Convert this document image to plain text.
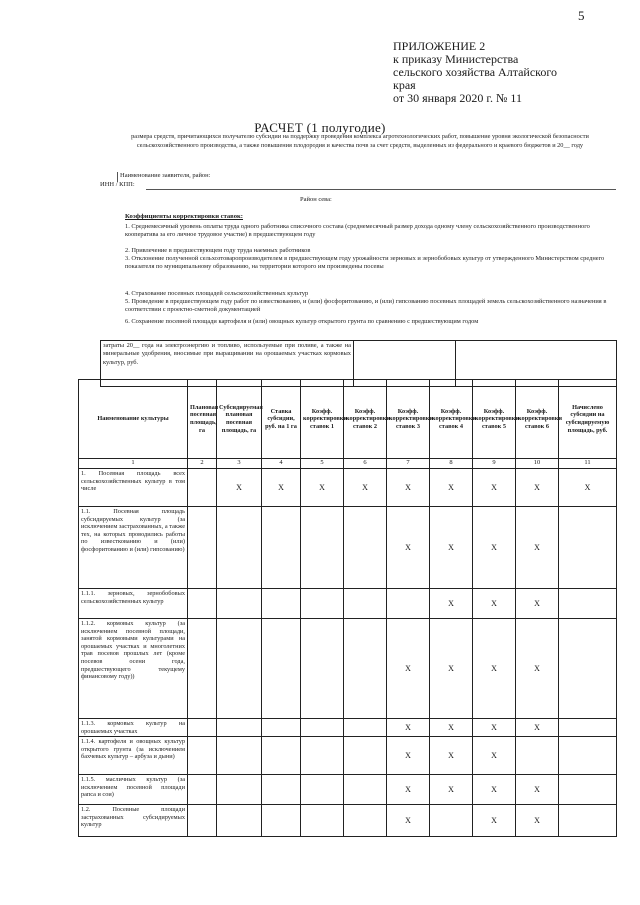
5
ПРИЛОЖЕНИЕ 2
к приказу Министерства
сельского хозяйства Алтайского
края
от 30 января 2020 г. № 11
РАСЧЕТ (1 полугодие)
размера средств, причитающихся получателю субсидии на поддержку проведения комплекса агротехнологических работ, повышение уровня экологической безопасности сельскохозяйственного производства, а также повышения плодородия и качества почв за счет средств, выделенных из федерального и краевого бюджетов и 20__ году
Наименование заявителя, район:
ИНН / КПП:
Район сева:
Коэффициенты корректировки ставок:
1. Среднемесячный уровень оплаты труда одного работника списочного состава (среднемесячный размер дохода одному члену сельскохозяйственного производственного кооператива за его личное трудовое участие) в предшествующем году
2. Привлечение в предшествующем году труда наемных работников
3. Отклонение полученной сельхозтоваропроизводителем в предшествующем году урожайности зерновых и зернобобовых культур от утвержденного Министерством среднего показателя по муниципальному образованию, на территории которого им произведены посевы
4. Страхование посевных площадей сельскохозяйственных культур
5. Проведение в предшествующем году работ по известкованию, и (или) фосфоритованию, и (или) гипсованию посевных площадей земель сельскохозяйственного назначения в соответствии с проектно-сметной документацией
6. Сохранение посевной площади картофеля и (или) овощных культур открытого грунта по сравнению с предшествующим годом
затраты 20__ года на электроэнергию и топливо, используемые при поливе, а также на минеральные удобрения, вносимые при выращивании на орошаемых участках кормовых культур, руб.
Наименование культуры	Плановая посевная площадь, га	Субсидируемая плановая посевная площадь, га	Ставка субсидии, руб. на 1 га	Коэфф. корректировки ставок 1	Коэфф. корректировки ставок 2	Коэфф. корректировки ставок 3	Коэфф. корректировки ставок 4	Коэфф. корректировки ставок 5	Коэфф. корректировки ставок 6	Начислено субсидии на субсидируемую площадь, руб.
1	2	3	4	5	6	7	8	9	10	11
1. Посевная площадь всех сельскохозяйственных культур в том числе		X	X	X	X	X	X	X	X	X
1.1. Посевная площадь субсидируемых культур (за исключением застрахованных, а также тех, на которых проводились работы по известкованию и (или) фосфоритованию и (или) гипсованию)						X	X	X	X	
1.1.1. зерновых, зернобобовых сельскохозяйственных культур							X	X	X	
1.1.2. кормовых культур (за исключением посевной площади, занятой кормовыми культурами на орошаемых участках и многолетних трав посевов прошлых лет (кроме посевов осени года, предшествующего текущему финансовому году))						X	X	X	X	
1.1.3. кормовых культур на орошаемых участках						X	X	X	X	
1.1.4. картофеля и овощных культур открытого грунта (за исключением бахчевых культур – арбуза и дыни)						X	X	X		
1.1.5. масличных культур (за исключением посевной площади рапса и сои)						X	X	X	X	
1.2. Посевные площади застрахованных субсидируемых культур						X		X	X	
